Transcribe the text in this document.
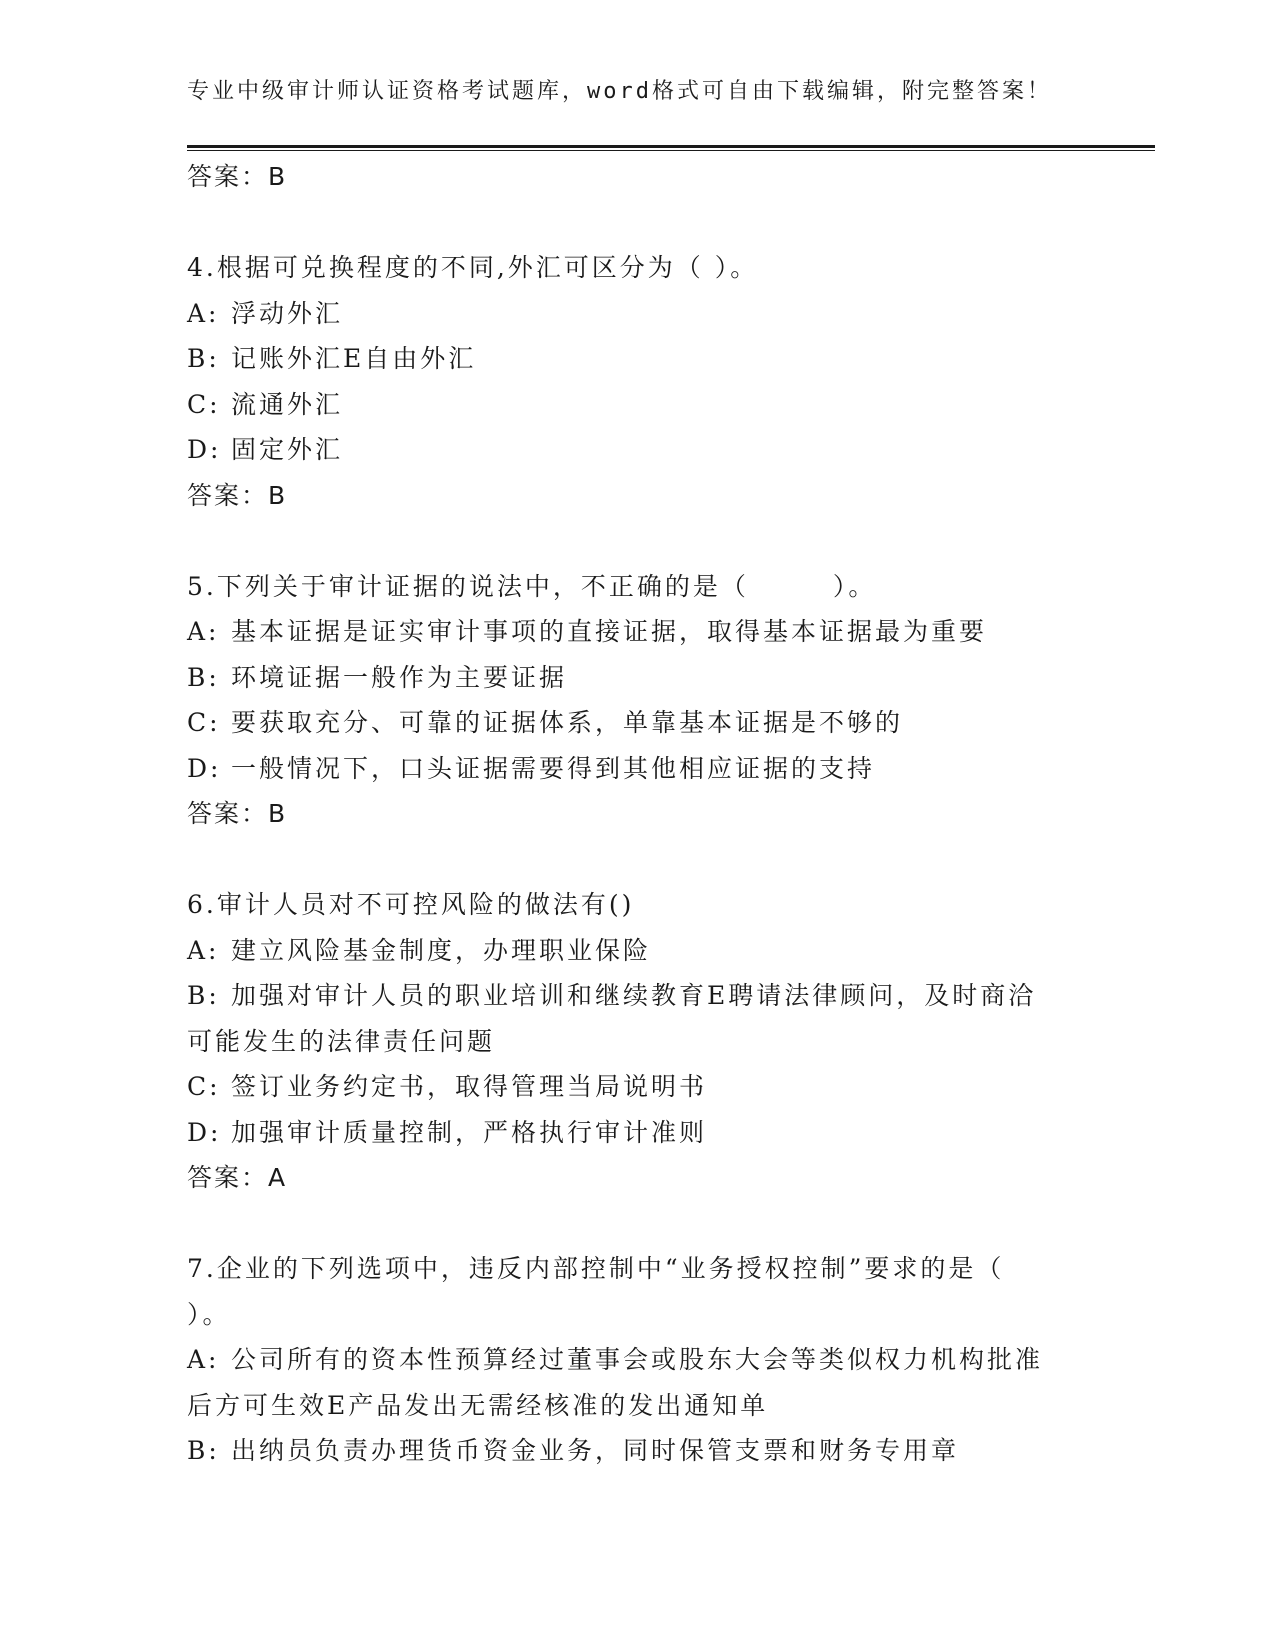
专业中级审计师认证资格考试题库，word格式可自由下载编辑，附完整答案！
答案：B
4.根据可兑换程度的不同,外汇可区分为（ ）。
A: 浮动外汇
B: 记账外汇E自由外汇
C: 流通外汇
D: 固定外汇
答案：B
5.下列关于审计证据的说法中，不正确的是（　　　）。
A: 基本证据是证实审计事项的直接证据，取得基本证据最为重要
B: 环境证据一般作为主要证据
C: 要获取充分、可靠的证据体系，单靠基本证据是不够的
D: 一般情况下，口头证据需要得到其他相应证据的支持
答案：B
6.审计人员对不可控风险的做法有()
A: 建立风险基金制度，办理职业保险
B: 加强对审计人员的职业培训和继续教育E聘请法律顾问，及时商洽
可能发生的法律责任问题
C: 签订业务约定书，取得管理当局说明书
D: 加强审计质量控制，严格执行审计准则
答案：A
7.企业的下列选项中，违反内部控制中“业务授权控制”要求的是（
）。
A: 公司所有的资本性预算经过董事会或股东大会等类似权力机构批准
后方可生效E产品发出无需经核准的发出通知单
B: 出纳员负责办理货币资金业务，同时保管支票和财务专用章
